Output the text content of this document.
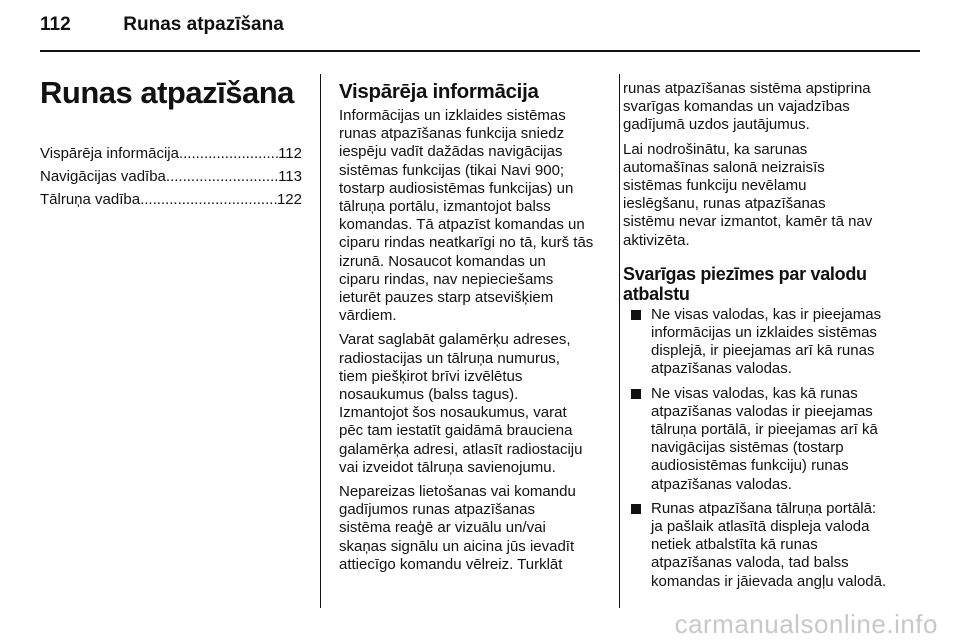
112	Runas atpazīšana
Runas atpazīšana
Vispārēja informācija .....	112
Navigācijas vadība .....	113
Tālruņa vadība .....	122
Vispārēja informācija

Informācijas un izklaides sistēmas
runas atpazīšanas funkcija sniedz
iespēju vadīt dažādas navigācijas
sistēmas funkcijas (tikai Navi 900;
tostarp audiosistēmas funkcijas) un
tālruņa portālu, izmantojot balss
komandas. Tā atpazīst komandas un
ciparu rindas neatkarīgi no tā, kurš tās
izrunā. Nosaucot komandas un
ciparu rindas, nav nepieciešams
ieturēt pauzes starp atsevišķiem
vārdiem.

Varat saglabāt galamērķu adreses,
radiostacijas un tālruņa numurus,
tiem piešķirot brīvi izvēlētus
nosaukumus (balss tagus).
Izmantojot šos nosaukumus, varat
pēc tam iestatīt gaidāmā brauciena
galamērķa adresi, atlasīt radiostaciju
vai izveidot tālruņa savienojumu.

Nepareizas lietošanas vai komandu
gadījumos runas atpazīšanas
sistēma reaģē ar vizuālu un/vai
skaņas signālu un aicina jūs ievadīt
attiecīgo komandu vēlreiz. Turklāt

runas atpazīšanas sistēma apstiprina
svarīgas komandas un vajadzības
gadījumā uzdos jautājumus.

Lai nodrošinātu, ka sarunas
automašīnas salonā neizraisīs
sistēmas funkciju nevēlamu
ieslēgšanu, runas atpazīšanas
sistēmu nevar izmantot, kamēr tā nav
aktivizēta.

Svarīgas piezīmes par valodu
atbalstu
Ne visas valodas, kas ir pieejamas
informācijas un izklaides sistēmas
displejā, ir pieejamas arī kā runas
atpazīšanas valodas.
Ne visas valodas, kas kā runas
atpazīšanas valodas ir pieejamas
tālruņa portālā, ir pieejamas arī kā
navigācijas sistēmas (tostarp
audiosistēmas funkciju) runas
atpazīšanas valodas.
Runas atpazīšana tālruņa portālā:
ja pašlaik atlasītā displeja valoda
netiek atbalstīta kā runas
atpazīšanas valoda, tad balss
komandas ir jāievada angļu valodā.
carmanualsonline.info
